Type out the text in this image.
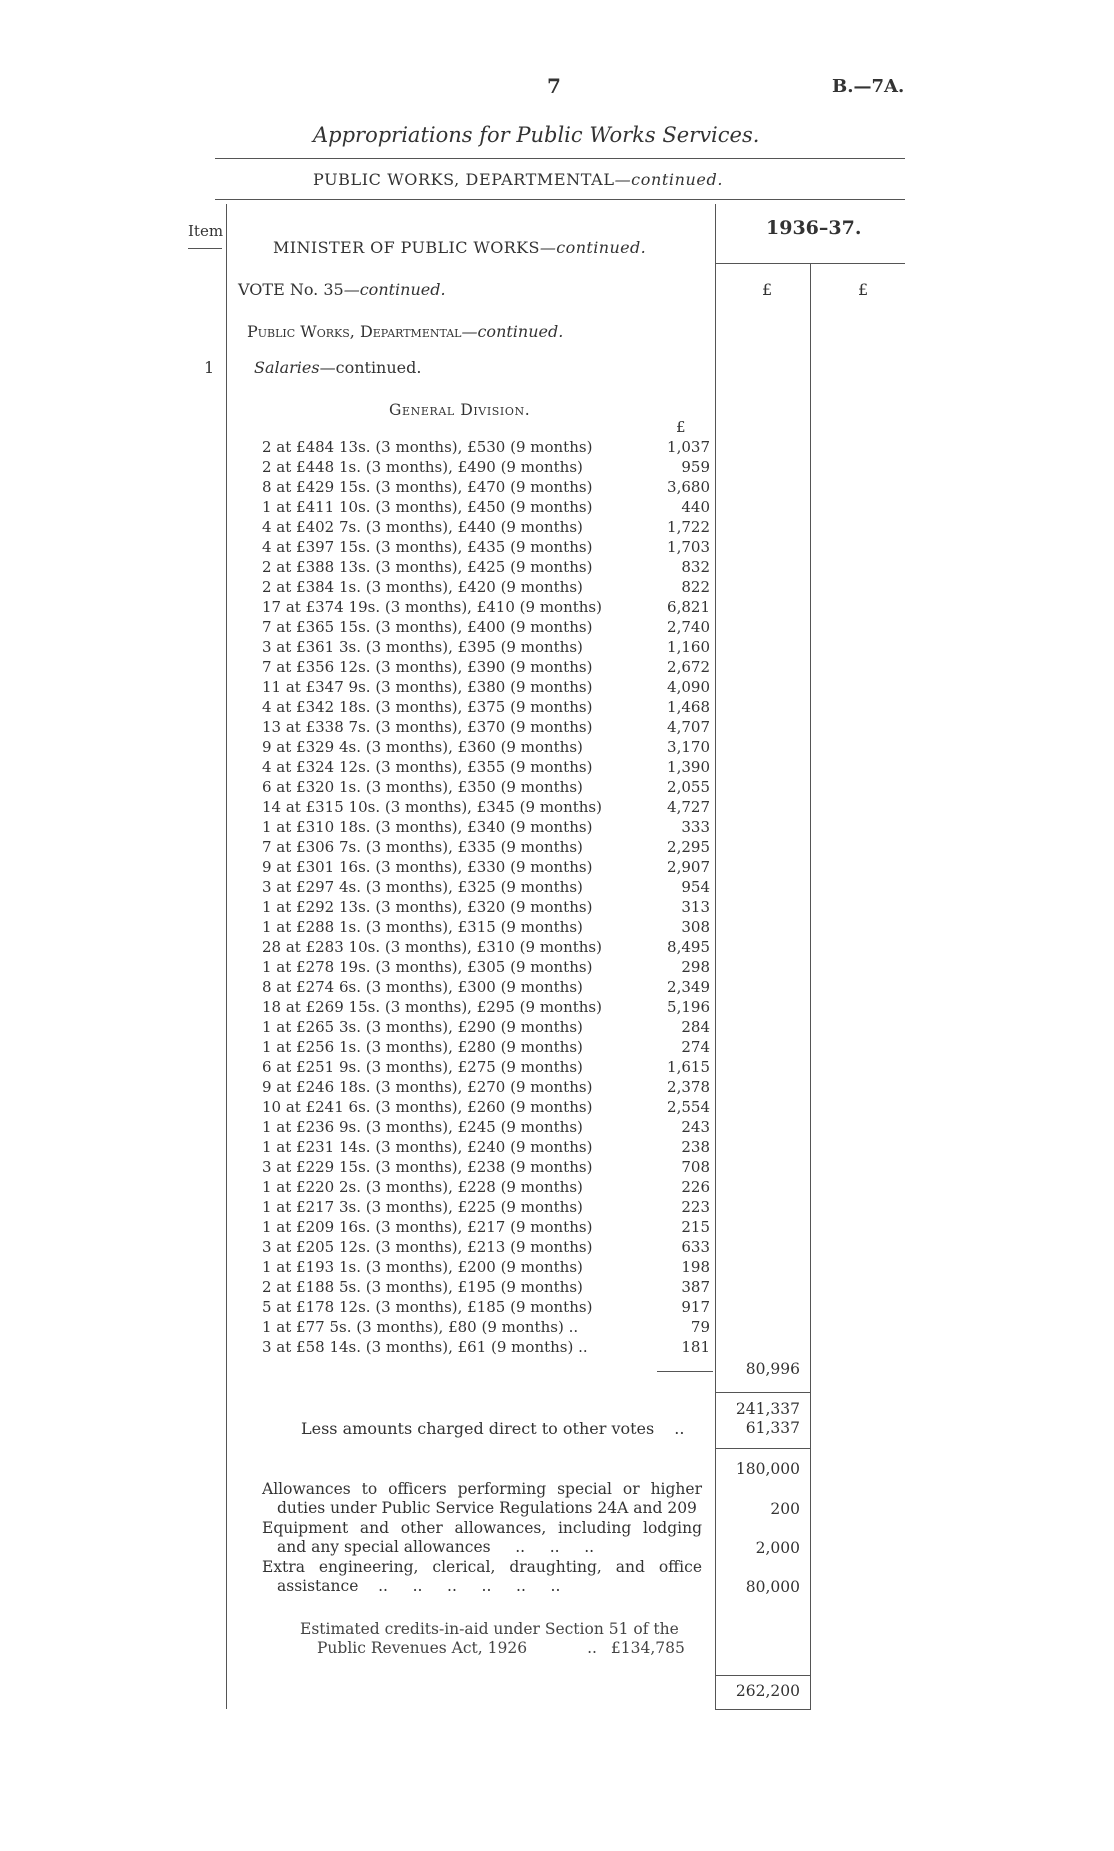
7	B.—7A.
Appropriations for Public Works Services.
PUBLIC WORKS, DEPARTMENTAL—continued.
Item
1
1936–37.
£	£
MINISTER OF PUBLIC WORKS—continued.
VOTE No. 35—continued.
Public Works, Departmental—continued.
Salaries—continued.
General Division.
£
2 at £484 13s. (3 months), £530 (9 months)	1,037
2 at £448 1s. (3 months), £490 (9 months)	959
8 at £429 15s. (3 months), £470 (9 months)	3,680
1 at £411 10s. (3 months), £450 (9 months)	440
4 at £402 7s. (3 months), £440 (9 months)	1,722
4 at £397 15s. (3 months), £435 (9 months)	1,703
2 at £388 13s. (3 months), £425 (9 months)	832
2 at £384 1s. (3 months), £420 (9 months)	822
17 at £374 19s. (3 months), £410 (9 months)	6,821
7 at £365 15s. (3 months), £400 (9 months)	2,740
3 at £361 3s. (3 months), £395 (9 months)	1,160
7 at £356 12s. (3 months), £390 (9 months)	2,672
11 at £347 9s. (3 months), £380 (9 months)	4,090
4 at £342 18s. (3 months), £375 (9 months)	1,468
13 at £338 7s. (3 months), £370 (9 months)	4,707
9 at £329 4s. (3 months), £360 (9 months)	3,170
4 at £324 12s. (3 months), £355 (9 months)	1,390
6 at £320 1s. (3 months), £350 (9 months)	2,055
14 at £315 10s. (3 months), £345 (9 months)	4,727
1 at £310 18s. (3 months), £340 (9 months)	333
7 at £306 7s. (3 months), £335 (9 months)	2,295
9 at £301 16s. (3 months), £330 (9 months)	2,907
3 at £297 4s. (3 months), £325 (9 months)	954
1 at £292 13s. (3 months), £320 (9 months)	313
1 at £288 1s. (3 months), £315 (9 months)	308
28 at £283 10s. (3 months), £310 (9 months)	8,495
1 at £278 19s. (3 months), £305 (9 months)	298
8 at £274 6s. (3 months), £300 (9 months)	2,349
18 at £269 15s. (3 months), £295 (9 months)	5,196
1 at £265 3s. (3 months), £290 (9 months)	284
1 at £256 1s. (3 months), £280 (9 months)	274
6 at £251 9s. (3 months), £275 (9 months)	1,615
9 at £246 18s. (3 months), £270 (9 months)	2,378
10 at £241 6s. (3 months), £260 (9 months)	2,554
1 at £236 9s. (3 months), £245 (9 months)	243
1 at £231 14s. (3 months), £240 (9 months)	238
3 at £229 15s. (3 months), £238 (9 months)	708
1 at £220 2s. (3 months), £228 (9 months)	226
1 at £217 3s. (3 months), £225 (9 months)	223
1 at £209 16s. (3 months), £217 (9 months)	215
3 at £205 12s. (3 months), £213 (9 months)	633
1 at £193 1s. (3 months), £200 (9 months)	198
2 at £188 5s. (3 months), £195 (9 months)	387
5 at £178 12s. (3 months), £185 (9 months)	917
1 at £77 5s. (3 months), £80 (9 months) ..	79
3 at £58 14s. (3 months), £61 (9 months) ..	181
80,996
241,337
Less amounts charged direct to other votes ..	61,337
180,000
Allowances to officers performing special or higher
duties under Public Service Regulations 24A and 209	200
Equipment and other allowances, including lodging
and any special allowances     ..     ..     ..	2,000
Extra engineering, clerical, draughting, and office
assistance    ..     ..     ..     ..     ..     ..	80,000
Estimated credits-in-aid under Section 51 of the
Public Revenues Act, 1926	.. £134,785
262,200
